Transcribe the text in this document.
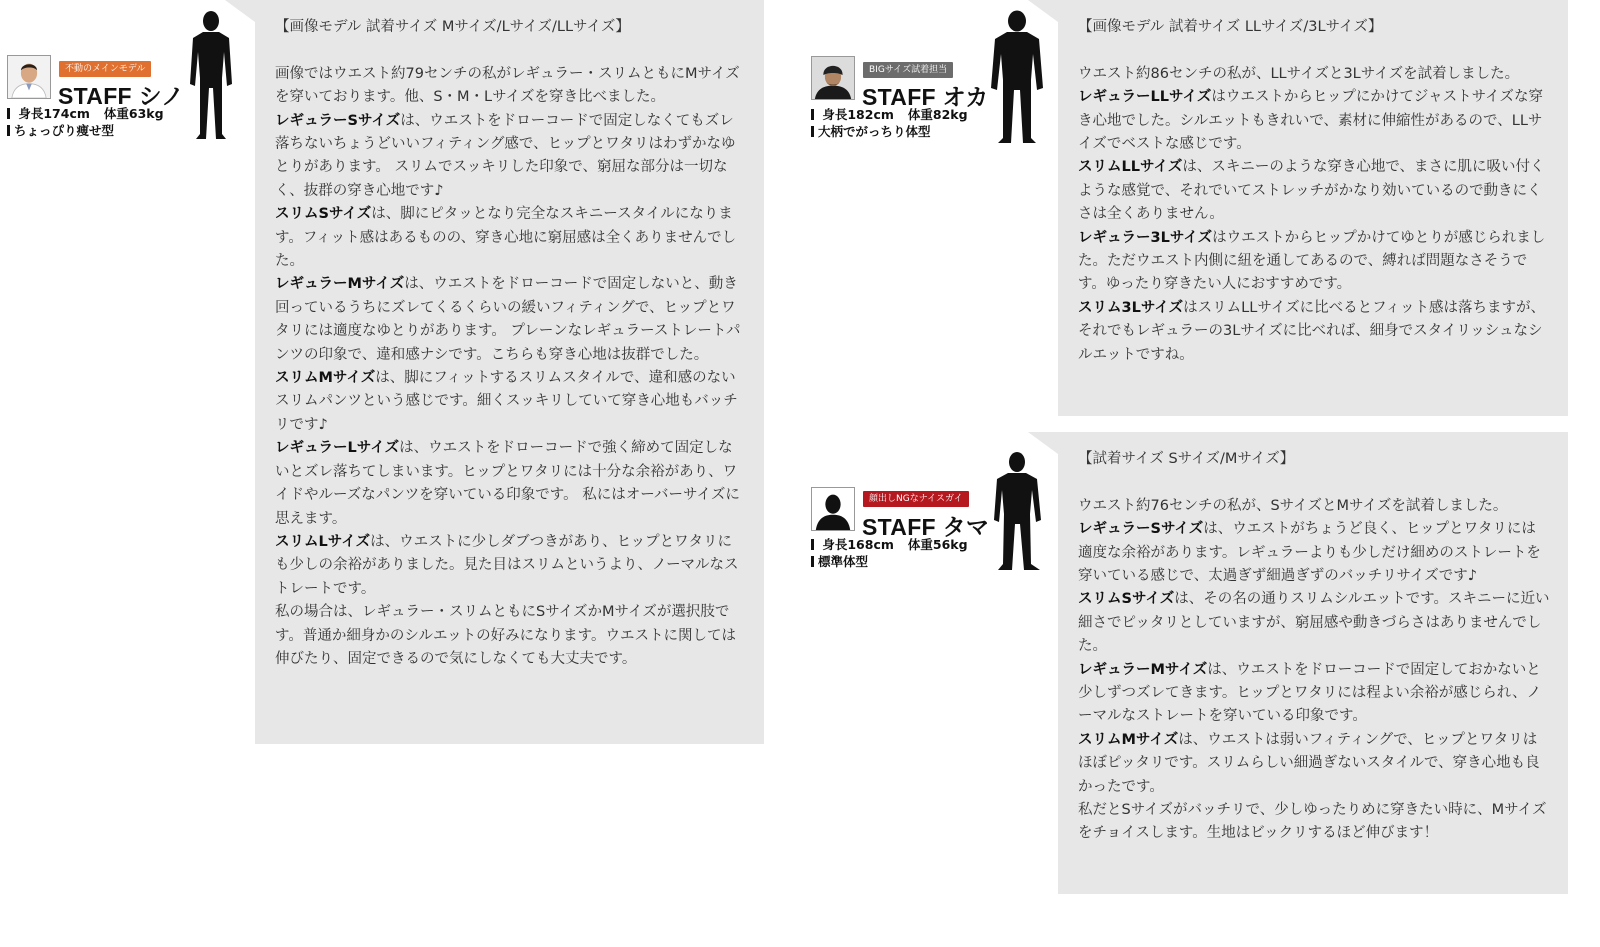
不動のメインモデル
STAFF シノ
身長174cm 体重63kg
ちょっぴり痩せ型

【画像モデル 試着サイズ Mサイズ/Lサイズ/LLサイズ】

画像ではウエスト約79センチの私がレギュラー・スリムともにMサイズを穿いております。他、S・M・Lサイズを穿き比べました。

レギュラーSサイズは、ウエストをドローコードで固定しなくてもズレ落ちないちょうどいいフィティング感で、ヒップとワタリはわずかなゆとりがあります。 スリムでスッキリした印象で、窮屈な部分は一切なく、抜群の穿き心地です♪

スリムSサイズは、脚にピタッとなり完全なスキニースタイルになります。フィット感はあるものの、穿き心地に窮屈感は全くありませんでした。

レギュラーMサイズは、ウエストをドローコードで固定しないと、動き回っているうちにズレてくるくらいの緩いフィティングで、ヒップとワタリには適度なゆとりがあります。 プレーンなレギュラーストレートパンツの印象で、違和感ナシです。こちらも穿き心地は抜群でした。

スリムMサイズは、脚にフィットするスリムスタイルで、違和感のないスリムパンツという感じです。細くスッキリしていて穿き心地もバッチリです♪

レギュラーLサイズは、ウエストをドローコードで強く締めて固定しないとズレ落ちてしまいます。ヒップとワタリには十分な余裕があり、ワイドやルーズなパンツを穿いている印象です。 私にはオーバーサイズに思えます。

スリムLサイズは、ウエストに少しダブつきがあり、ヒップとワタリにも少しの余裕がありました。見た目はスリムというより、ノーマルなストレートです。

私の場合は、レギュラー・スリムともにSサイズかMサイズが選択肢です。普通か細身かのシルエットの好みになります。ウエストに関しては伸びたり、固定できるので気にしなくても大丈夫です。

BIGサイズ試着担当
STAFF オカ
身長182cm 体重82kg
大柄でがっちり体型

【画像モデル 試着サイズ LLサイズ/3Lサイズ】

ウエスト約86センチの私が、LLサイズと3Lサイズを試着しました。

レギュラーLLサイズはウエストからヒップにかけてジャストサイズな穿き心地でした。シルエットもきれいで、素材に伸縮性があるので、LLサイズでベストな感じです。

スリムLLサイズは、スキニーのような穿き心地で、まさに肌に吸い付くような感覚で、それでいてストレッチがかなり効いているので動きにくさは全くありません。

レギュラー3Lサイズはウエストからヒップかけてゆとりが感じられました。ただウエスト内側に紐を通してあるので、縛れば問題なさそうです。ゆったり穿きたい人におすすめです。

スリム3LサイズはスリムLLサイズに比べるとフィット感は落ちますが、それでもレギュラーの3Lサイズに比べれば、細身でスタイリッシュなシルエットですね。

顔出しNGなナイスガイ
STAFF タマ
身長168cm 体重56kg
標準体型

【試着サイズ Sサイズ/Mサイズ】

ウエスト約76センチの私が、SサイズとMサイズを試着しました。

レギュラーSサイズは、ウエストがちょうど良く、ヒップとワタリには適度な余裕があります。レギュラーよりも少しだけ細めのストレートを穿いている感じで、太過ぎず細過ぎずのバッチリサイズです♪

スリムSサイズは、その名の通りスリムシルエットです。スキニーに近い細さでピッタリとしていますが、窮屈感や動きづらさはありませんでした。

レギュラーMサイズは、ウエストをドローコードで固定しておかないと少しずつズレてきます。ヒップとワタリには程よい余裕が感じられ、ノーマルなストレートを穿いている印象です。

スリムMサイズは、ウエストは弱いフィティングで、ヒップとワタリはほぼピッタリです。スリムらしい細過ぎないスタイルで、穿き心地も良かったです。

私だとSサイズがバッチリで、少しゆったりめに穿きたい時に、Mサイズをチョイスします。生地はビックリするほど伸びます！
